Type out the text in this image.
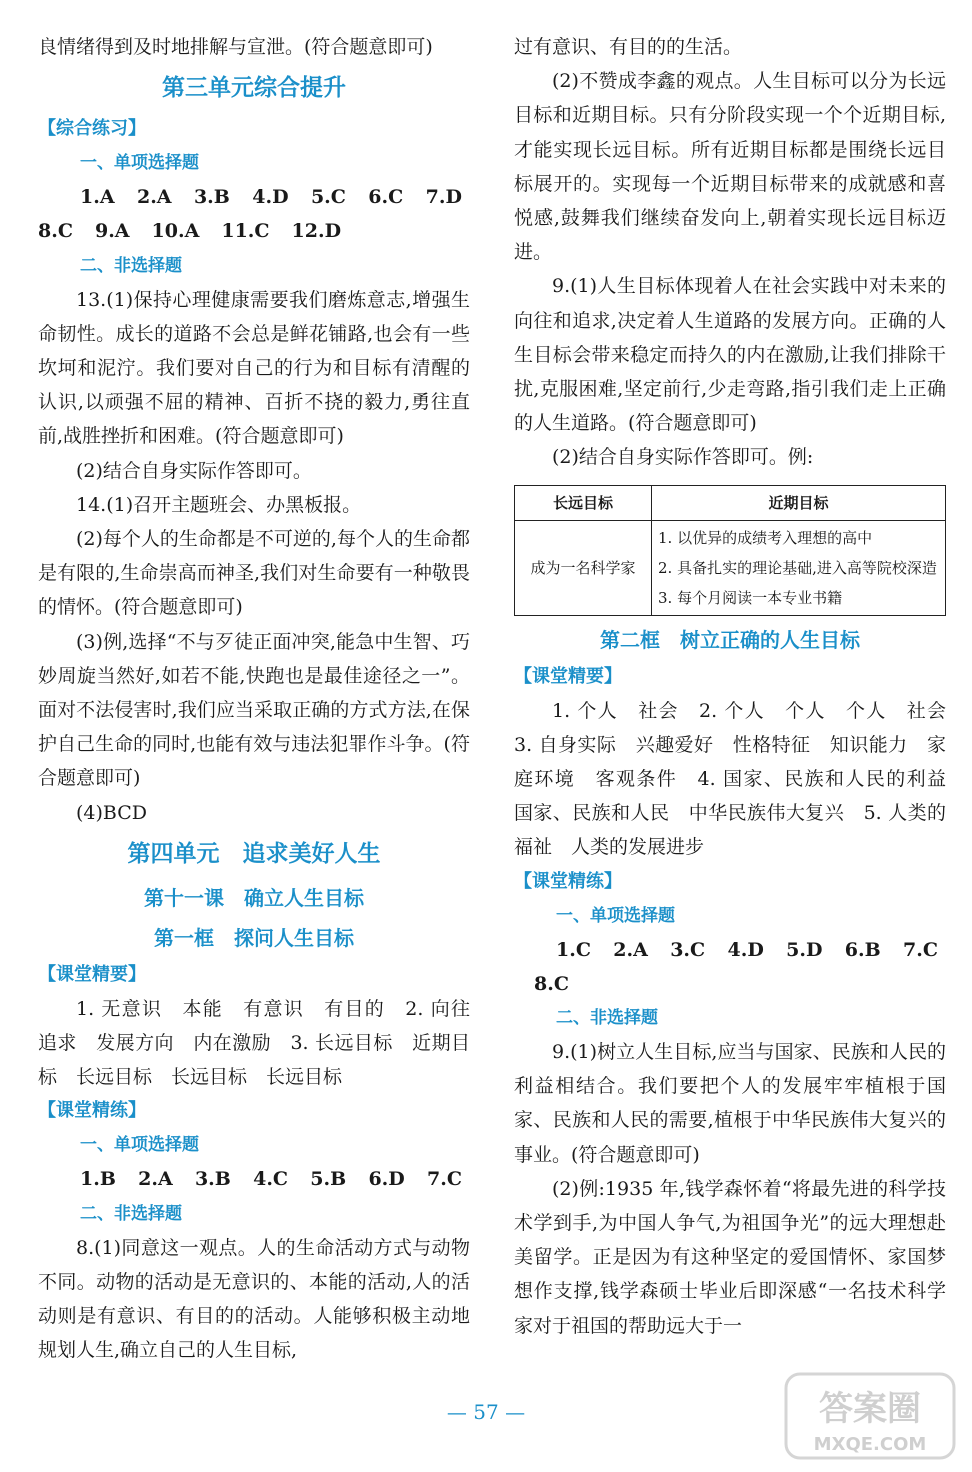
良情绪得到及时地排解与宣泄。(符合题意即可)

第三单元综合提升
【综合练习】
一、单项选择题
1.A 2.A 3.B 4.D 5.C 6.C 7.D
8.C 9.A 10.A 11.C 12.D
二、非选择题

13.(1)保持心理健康需要我们磨炼意志,增强生命韧性。成长的道路不会总是鲜花铺路,也会有一些坎坷和泥泞。我们要对自己的行为和目标有清醒的认识,以顽强不屈的精神、百折不挠的毅力,勇往直前,战胜挫折和困难。(符合题意即可)

(2)结合自身实际作答即可。

14.(1)召开主题班会、办黑板报。

(2)每个人的生命都是不可逆的,每个人的生命都是有限的,生命崇高而神圣,我们对生命要有一种敬畏的情怀。(符合题意即可)

(3)例,选择“不与歹徒正面冲突,能急中生智、巧妙周旋当然好,如若不能,快跑也是最佳途径之一”。面对不法侵害时,我们应当采取正确的方式方法,在保护自己生命的同时,也能有效与违法犯罪作斗争。(符合题意即可)

(4)BCD

第四单元　追求美好人生
第十一课　确立人生目标
第一框　探问人生目标
【课堂精要】

1. 无意识　本能　有意识　有目的　2. 向往　追求　发展方向　内在激励　3. 长远目标　近期目标　长远目标　长远目标　长远目标

【课堂精练】
一、单项选择题
1.B 2.A 3.B 4.C 5.B 6.D 7.C
二、非选择题

8.(1)同意这一观点。人的生命活动方式与动物不同。动物的活动是无意识的、本能的活动,人的活动则是有意识、有目的的活动。人能够积极主动地规划人生,确立自己的人生目标,

过有意识、有目的的生活。

(2)不赞成李鑫的观点。人生目标可以分为长远目标和近期目标。只有分阶段实现一个个近期目标,才能实现长远目标。所有近期目标都是围绕长远目标展开的。实现每一个近期目标带来的成就感和喜悦感,鼓舞我们继续奋发向上,朝着实现长远目标迈进。

9.(1)人生目标体现着人在社会实践中对未来的向往和追求,决定着人生道路的发展方向。正确的人生目标会带来稳定而持久的内在激励,让我们排除干扰,克服困难,坚定前行,少走弯路,指引我们走上正确的人生道路。(符合题意即可)

(2)结合自身实际作答即可。例:

长远目标	近期目标
成为一名科学家	1. 以优异的成绩考入理想的高中
2. 具备扎实的理论基础,进入高等院校深造
3. 每个月阅读一本专业书籍
第二框　树立正确的人生目标
【课堂精要】

1. 个人　社会　2. 个人　个人　个人　社会　3. 自身实际　兴趣爱好　性格特征　知识能力　家庭环境　客观条件　4. 国家、民族和人民的利益　国家、民族和人民　中华民族伟大复兴　5. 人类的福祉　人类的发展进步

【课堂精练】
一、单项选择题
1.C 2.A 3.C 4.D 5.D 6.B 7.C
8.C
二、非选择题

9.(1)树立人生目标,应当与国家、民族和人民的利益相结合。我们要把个人的发展牢牢植根于国家、民族和人民的需要,植根于中华民族伟大复兴的事业。(符合题意即可)

(2)例:1935 年,钱学森怀着“将最先进的科学技术学到手,为中国人争气,为祖国争光”的远大理想赴美留学。正是因为有这种坚定的爱国情怀、家国梦想作支撑,钱学森硕士毕业后即深感“一名技术科学家对于祖国的帮助远大于一

— 57 —	答案圈
MXQE.COM
